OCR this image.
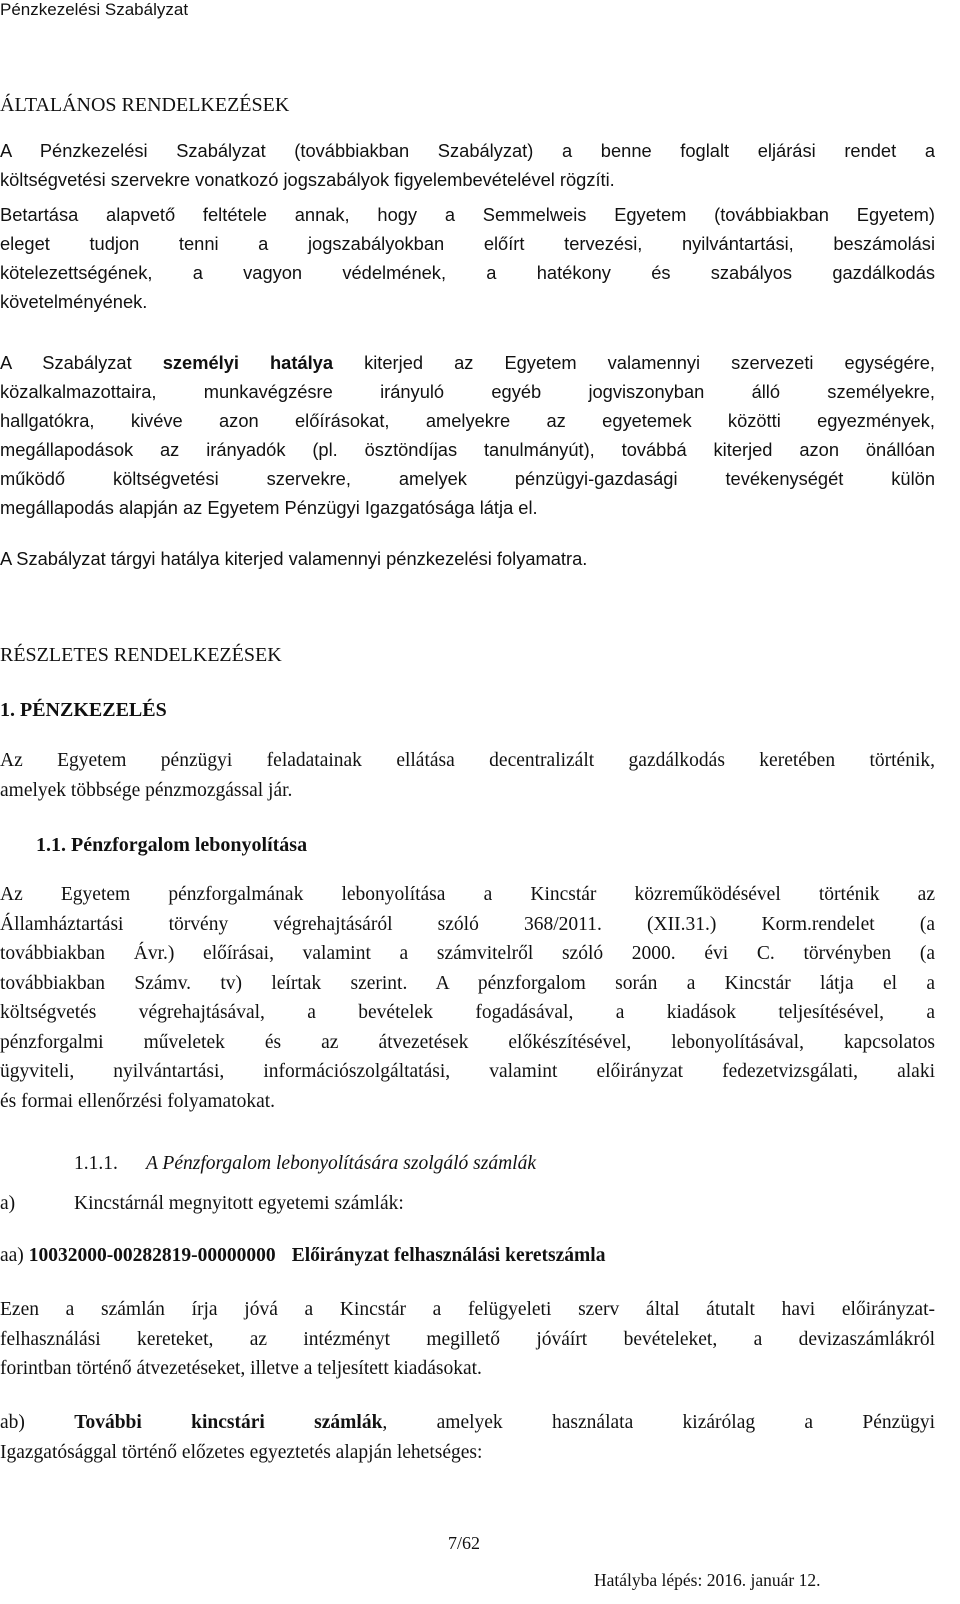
Pénzkezelési Szabályzat
ÁLTALÁNOS RENDELKEZÉSEK
A Pénzkezelési Szabályzat (továbbiakban Szabályzat) a benne foglalt eljárási rendet a
költségvetési szervekre vonatkozó jogszabályok figyelembevételével rögzíti.
Betartása alapvető feltétele annak, hogy a Semmelweis Egyetem (továbbiakban Egyetem)
eleget tudjon tenni a jogszabályokban előírt tervezési, nyilvántartási, beszámolási
kötelezettségének, a vagyon védelmének, a hatékony és szabályos gazdálkodás
követelményének.
A Szabályzat személyi hatálya kiterjed az Egyetem valamennyi szervezeti egységére,
közalkalmazottaira, munkavégzésre irányuló egyéb jogviszonyban álló személyekre,
hallgatókra, kivéve azon előírásokat, amelyekre az egyetemek közötti egyezmények,
megállapodások az irányadók (pl. ösztöndíjas tanulmányút), továbbá kiterjed azon önállóan
működő költségvetési szervekre, amelyek pénzügyi-gazdasági tevékenységét külön
megállapodás alapján az Egyetem Pénzügyi Igazgatósága látja el.
A Szabályzat tárgyi hatálya kiterjed valamennyi pénzkezelési folyamatra.
RÉSZLETES RENDELKEZÉSEK
1. PÉNZKEZELÉS
Az Egyetem pénzügyi feladatainak ellátása decentralizált gazdálkodás keretében történik,
amelyek többsége pénzmozgással jár.
1.1. Pénzforgalom lebonyolítása
Az Egyetem pénzforgalmának lebonyolítása a Kincstár közreműködésével történik az
Államháztartási törvény végrehajtásáról szóló 368/2011. (XII.31.) Korm.rendelet (a
továbbiakban Ávr.) előírásai, valamint a számvitelről szóló 2000. évi C. törvényben (a
továbbiakban Számv. tv) leírtak szerint. A pénzforgalom során a Kincstár látja el a
költségvetés végrehajtásával, a bevételek fogadásával, a kiadások teljesítésével, a
pénzforgalmi műveletek és az átvezetések előkészítésével, lebonyolításával, kapcsolatos
ügyviteli, nyilvántartási, információszolgáltatási, valamint előirányzat fedezetvizsgálati, alaki
és formai ellenőrzési folyamatokat.
1.1.1. A Pénzforgalom lebonyolítására szolgáló számlák
a)	Kincstárnál megnyitott egyetemi számlák:
aa) 10032000-00282819-00000000 Előirányzat felhasználási keretszámla
Ezen a számlán írja jóvá a Kincstár a felügyeleti szerv által átutalt havi előirányzat-
felhasználási kereteket, az intézményt megillető jóváírt bevételeket, a devizaszámlákról
forintban történő átvezetéseket, illetve a teljesített kiadásokat.
ab)	További kincstári számlák, amelyek használata kizárólag a Pénzügyi
Igazgatósággal történő előzetes egyeztetés alapján lehetséges:
7/62
Hatályba lépés: 2016. január 12.
